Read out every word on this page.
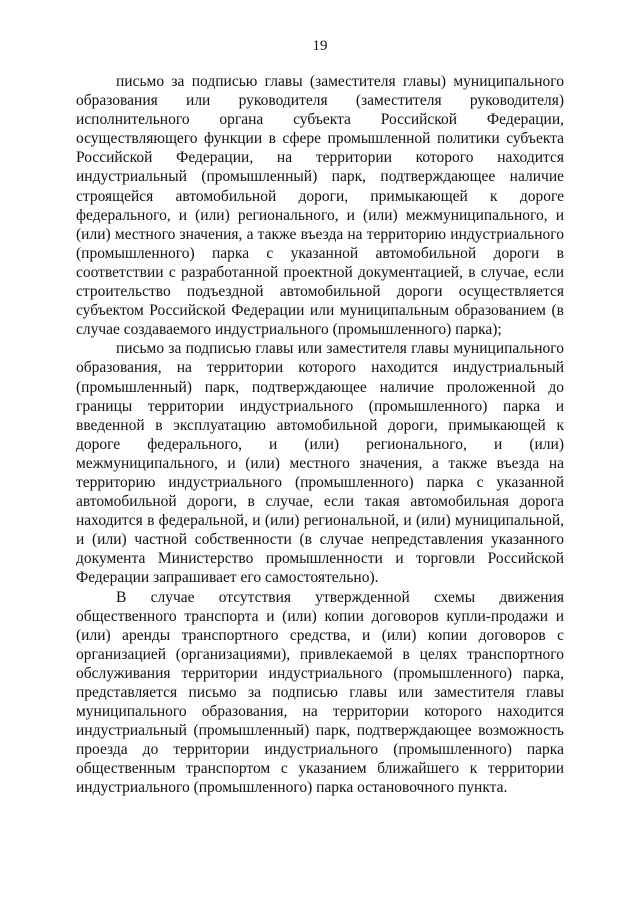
19

письмо за подписью главы (заместителя главы) муниципального образования или руководителя (заместителя руководителя) исполнительного органа субъекта Российской Федерации, осуществляющего функции в сфере промышленной политики субъекта Российской Федерации, на территории которого находится индустриальный (промышленный) парк, подтверждающее наличие строящейся автомобильной дороги, примыкающей к дороге федерального, и (или) регионального, и (или) межмуниципального, и (или) местного значения, а также въезда на территорию индустриального (промышленного) парка с указанной автомобильной дороги в соответствии с разработанной проектной документацией, в случае, если строительство подъездной автомобильной дороги осуществляется субъектом Российской Федерации или муниципальным образованием (в случае создаваемого индустриального (промышленного) парка);

письмо за подписью главы или заместителя главы муниципального образования, на территории которого находится индустриальный (промышленный) парк, подтверждающее наличие проложенной до границы территории индустриального (промышленного) парка и введенной в эксплуатацию автомобильной дороги, примыкающей к дороге федерального, и (или) регионального, и (или) межмуниципального, и (или) местного значения, а также въезда на территорию индустриального (промышленного) парка с указанной автомобильной дороги, в случае, если такая автомобильная дорога находится в федеральной, и (или) региональной, и (или) муниципальной, и (или) частной собственности (в случае непредставления указанного документа Министерство промышленности и торговли Российской Федерации запрашивает его самостоятельно).

В случае отсутствия утвержденной схемы движения общественного транспорта и (или) копии договоров купли-продажи и (или) аренды транспортного средства, и (или) копии договоров с организацией (организациями), привлекаемой в целях транспортного обслуживания территории индустриального (промышленного) парка, представляется письмо за подписью главы или заместителя главы муниципального образования, на территории которого находится индустриальный (промышленный) парк, подтверждающее возможность проезда до территории индустриального (промышленного) парка общественным транспортом с указанием ближайшего к территории индустриального (промышленного) парка остановочного пункта.
